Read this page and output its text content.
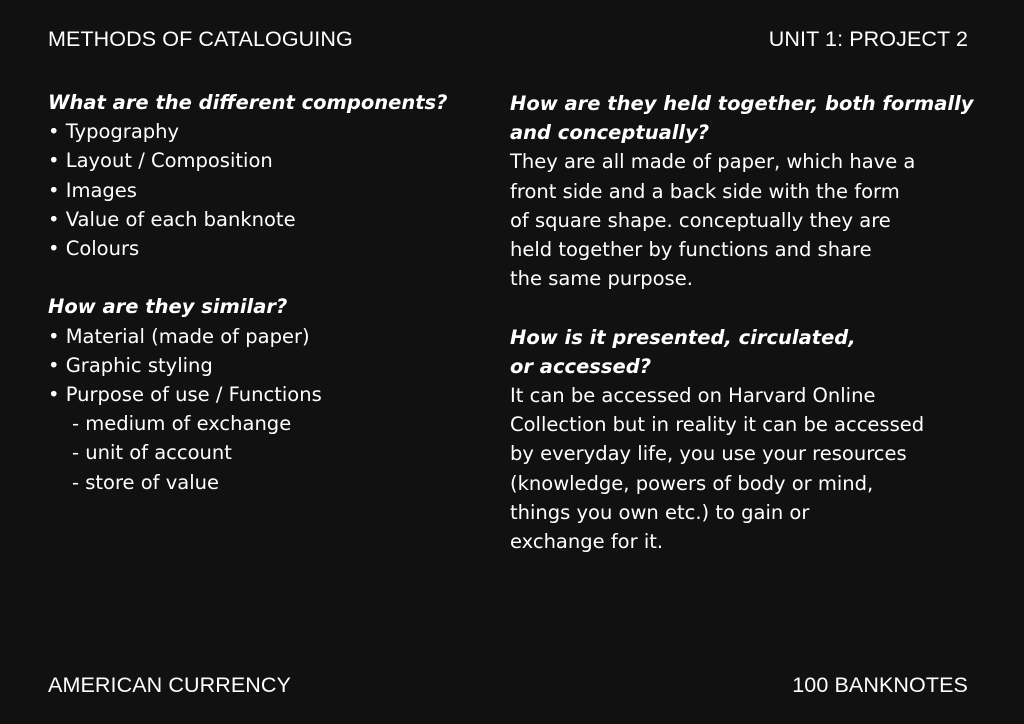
METHODS OF CATALOGUING	UNIT 1: PROJECT 2

What are the different components?

• Typography

• Layout / Composition

• Images

• Value of each banknote

• Colours

How are they similar?

• Material (made of paper)

• Graphic styling

• Purpose of use / Functions

- medium of exchange

- unit of account

- store of value

How are they held together, both formally
and conceptually?

They are all made of paper, which have a
front side and a back side with the form
of square shape. conceptually they are
held together by functions and share
the same purpose.

How is it presented, circulated,
or accessed?

It can be accessed on Harvard Online
Collection but in reality it can be accessed
by everyday life, you use your resources
(knowledge, powers of body or mind,
things you own etc.) to gain or
exchange for it.

AMERICAN CURRENCY	100 BANKNOTES
